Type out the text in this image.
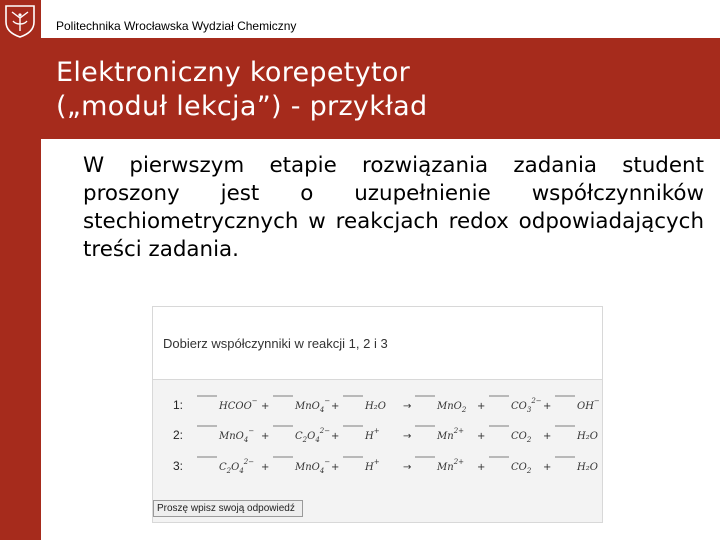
Politechnika Wrocławska Wydział Chemiczny
Elektroniczny korepetytor
(„moduł lekcja”) - przykład

W pierwszym etapie rozwiązania zadania student proszony jest o uzupełnienie współczynników stechiometrycznych w reakcjach redox odpowiadających treści zadania.

Dobierz współczynniki w reakcji 1, 2 i 3
1:	HCOO− +	MnO$_4$− +	H₂O →	MnO$_2$ +	$CO_3^{2-}$ +	OH−
2:	MnO$_4$− +	$C_2O_4^{2-}$ +	H+ →	$Mn^{2+}$ +	$CO_2$ +	H₂O
3:	$C_2O_4^{2-}$ +	MnO$_4$− +	H+ →	$Mn^{2+}$ +	$CO_2$ +	H₂O
Proszę wpisz swoją odpowiedź
